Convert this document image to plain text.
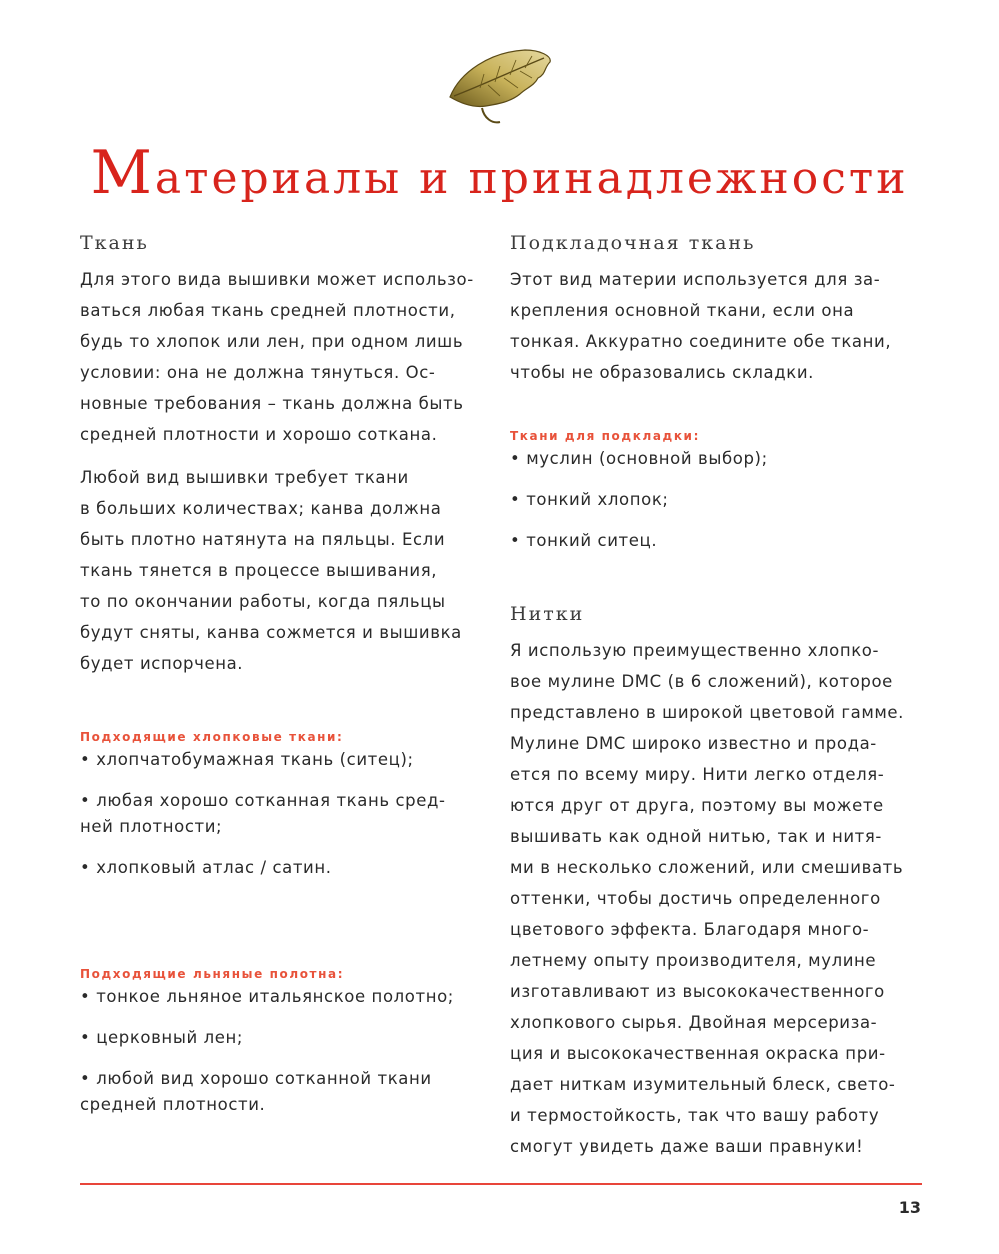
Материалы и принадлежности
Ткань

Для этого вида вышивки может использо-
ваться любая ткань средней плотности,
будь то хлопок или лен, при одном лишь
условии: она не должна тянуться. Ос-
новные требования – ткань должна быть
средней плотности и хорошо соткана.

Любой вид вышивки требует ткани
в больших количествах; канва должна
быть плотно натянута на пяльцы. Если
ткань тянется в процессе вышивания,
то по окончании работы, когда пяльцы
будут сняты, канва сожмется и вышивка
будет испорчена.

Подходящие хлопковые ткани:
• хлопчатобумажная ткань (ситец);
• любая хорошо сотканная ткань сред-
ней плотности;
• хлопковый атлас / сатин.
Подходящие льняные полотна:
• тонкое льняное итальянское полотно;
• церковный лен;
• любой вид хорошо сотканной ткани
средней плотности.
Подкладочная ткань

Этот вид материи используется для за-
крепления основной ткани, если она
тонкая. Аккуратно соедините обе ткани,
чтобы не образовались складки.

Ткани для подкладки:
• муслин (основной выбор);
• тонкий хлопок;
• тонкий ситец.
Нитки

Я использую преимущественно хлопко-
вое мулине DMC (в 6 сложений), которое
представлено в широкой цветовой гамме.
Мулине DMC широко известно и прода-
ется по всему миру. Нити легко отделя-
ются друг от друга, поэтому вы можете
вышивать как одной нитью, так и нитя-
ми в несколько сложений, или смешивать
оттенки, чтобы достичь определенного
цветового эффекта. Благодаря много-
летнему опыту производителя, мулине
изготавливают из высококачественного
хлопкового сырья. Двойная мерсериза-
ция и высококачественная окраска при-
дает ниткам изумительный блеск, свето-
и термостойкость, так что вашу работу
смогут увидеть даже ваши правнуки!

13
